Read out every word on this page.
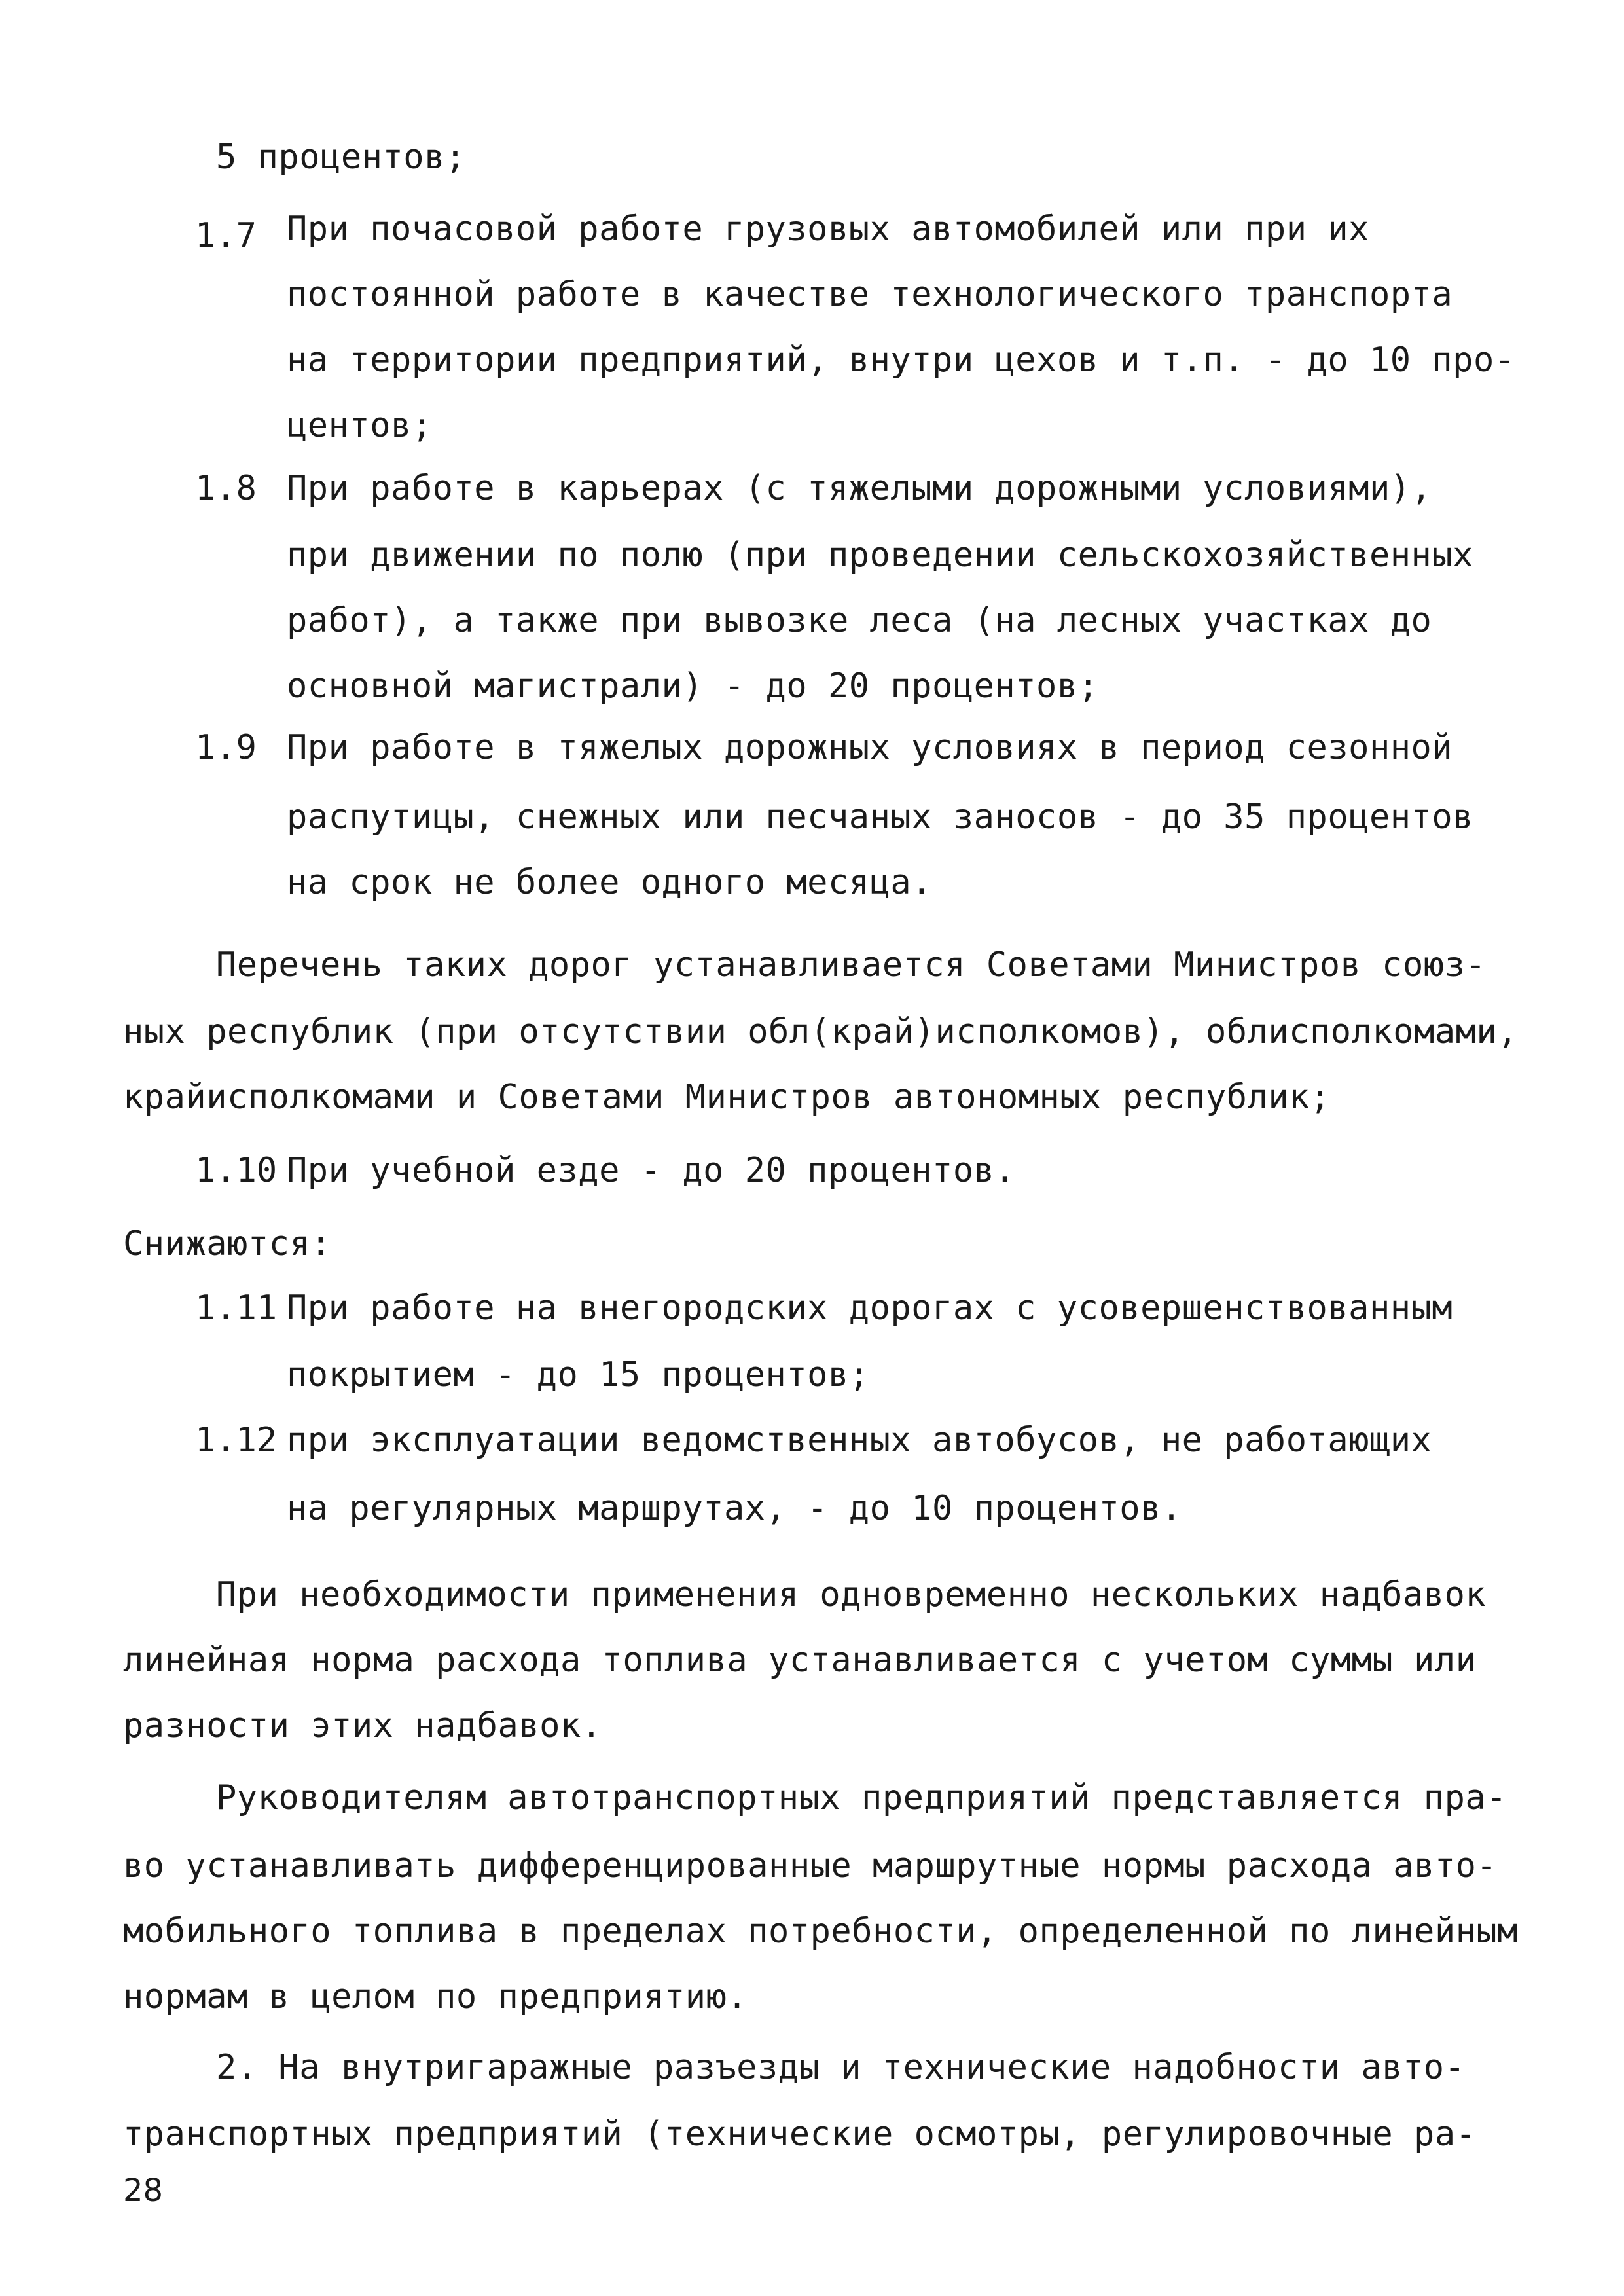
1.7
1.8
1.9
1.10
1.11
1.12
5 процентов;
При почасовой работе грузовых автомобилей или при их
постоянной работе в качестве технологического транспорта
на территории предприятий, внутри цехов и т.п. - до 10 про-
центов;
При работе в карьерах (с тяжелыми дорожными условиями),
при движении по полю (при проведении сельскохозяйственных
работ), а также при вывозке леса (на лесных участках до
основной магистрали) - до 20 процентов;
При работе в тяжелых дорожных условиях в период сезонной
распутицы, снежных или песчаных заносов - до 35 процентов
на срок не более одного месяца.
Перечень таких дорог устанавливается Советами Министров союз-
ных республик (при отсутствии обл(край)исполкомов), облисполкомами,
крайисполкомами и Советами Министров автономных республик;
При учебной езде - до 20 процентов.
Снижаются:
При работе на внегородских дорогах с усовершенствованным
покрытием - до 15 процентов;
при эксплуатации ведомственных автобусов, не работающих
на регулярных маршрутах, - до 10 процентов.
При необходимости применения одновременно нескольких надбавок
линейная норма расхода топлива устанавливается с учетом суммы или
разности этих надбавок.
Руководителям автотранспортных предприятий представляется пра-
во устанавливать дифференцированные маршрутные нормы расхода авто-
мобильного топлива в пределах потребности, определенной по линейным
нормам в целом по предприятию.
2. На внутригаражные разъезды и технические надобности авто-
транспортных предприятий (технические осмотры, регулировочные ра-
28
